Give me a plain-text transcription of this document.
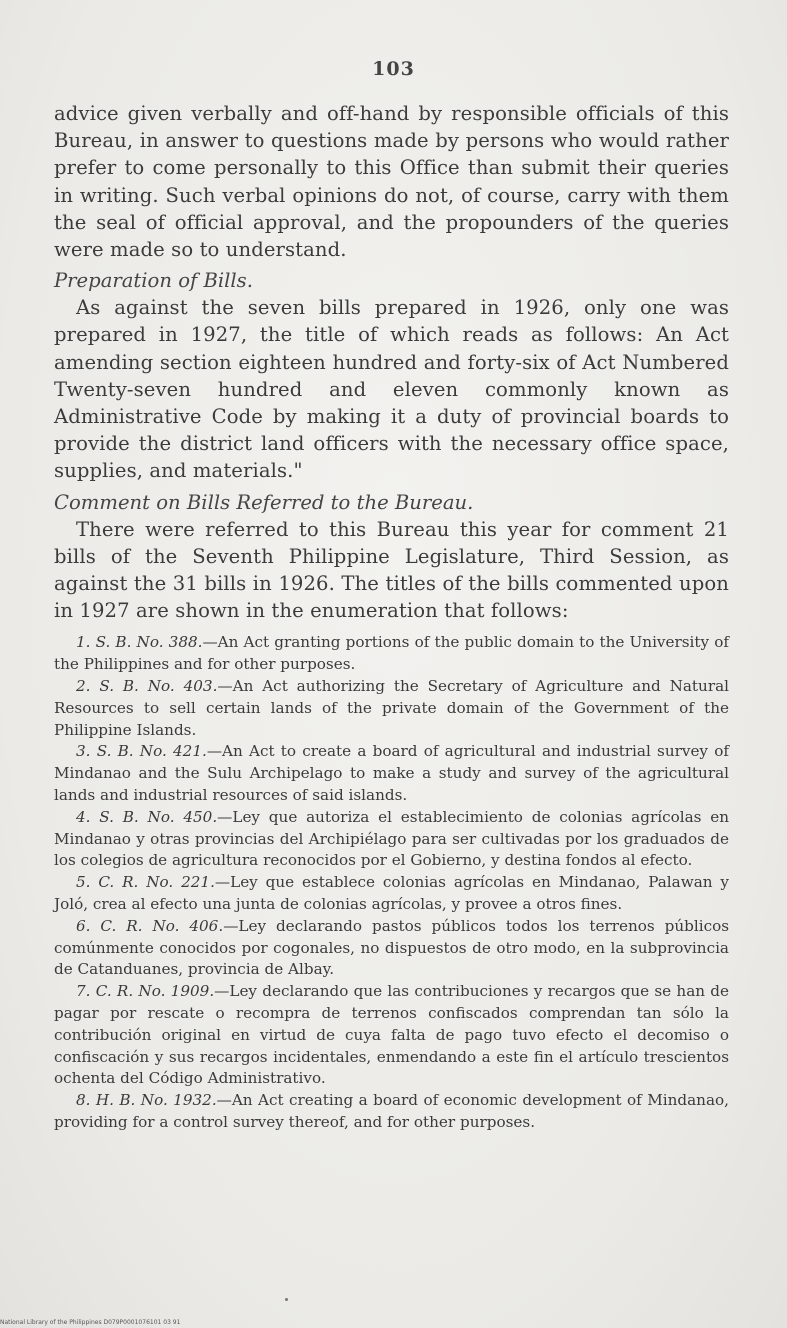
103

advice given verbally and off-hand by responsible officials of this Bureau, in answer to questions made by persons who would rather prefer to come personally to this Office than submit their queries in writing. Such verbal opinions do not, of course, carry with them the seal of official approval, and the propounders of the queries were made so to understand.

Preparation of Bills.

As against the seven bills prepared in 1926, only one was prepared in 1927, the title of which reads as follows: An Act amending section eighteen hundred and forty-six of Act Numbered Twenty-seven hundred and eleven commonly known as Administrative Code by making it a duty of provincial boards to provide the district land officers with the necessary office space, supplies, and materials."

Comment on Bills Referred to the Bureau.

There were referred to this Bureau this year for comment 21 bills of the Seventh Philippine Legislature, Third Session, as against the 31 bills in 1926. The titles of the bills commented upon in 1927 are shown in the enumeration that follows:

1. S. B. No. 388.—An Act granting portions of the public domain to the University of the Philippines and for other purposes.

2. S. B. No. 403.—An Act authorizing the Secretary of Agriculture and Natural Resources to sell certain lands of the private domain of the Government of the Philippine Islands.

3. S. B. No. 421.—An Act to create a board of agricultural and industrial survey of Mindanao and the Sulu Archipelago to make a study and survey of the agricultural lands and industrial resources of said islands.

4. S. B. No. 450.—Ley que autoriza el establecimiento de colonias agrícolas en Mindanao y otras provincias del Archipiélago para ser cultivadas por los graduados de los colegios de agricultura reconocidos por el Gobierno, y destina fondos al efecto.

5. C. R. No. 221.—Ley que establece colonias agrícolas en Mindanao, Palawan y Joló, crea al efecto una junta de colonias agrícolas, y provee a otros fines.

6. C. R. No. 406.—Ley declarando pastos públicos todos los terrenos públicos comúnmente conocidos por cogonales, no dispuestos de otro modo, en la subprovincia de Catanduanes, provincia de Albay.

7. C. R. No. 1909.—Ley declarando que las contribuciones y recargos que se han de pagar por rescate o recompra de terrenos confiscados comprendan tan sólo la contribución original en virtud de cuya falta de pago tuvo efecto el decomiso o confiscación y sus recargos incidentales, enmendando a este fin el artículo trescientos ochenta del Código Administrativo.

8. H. B. No. 1932.—An Act creating a board of economic development of Mindanao, providing for a control survey thereof, and for other purposes.

National Library of the Philippines D079P0001076101 03 91
